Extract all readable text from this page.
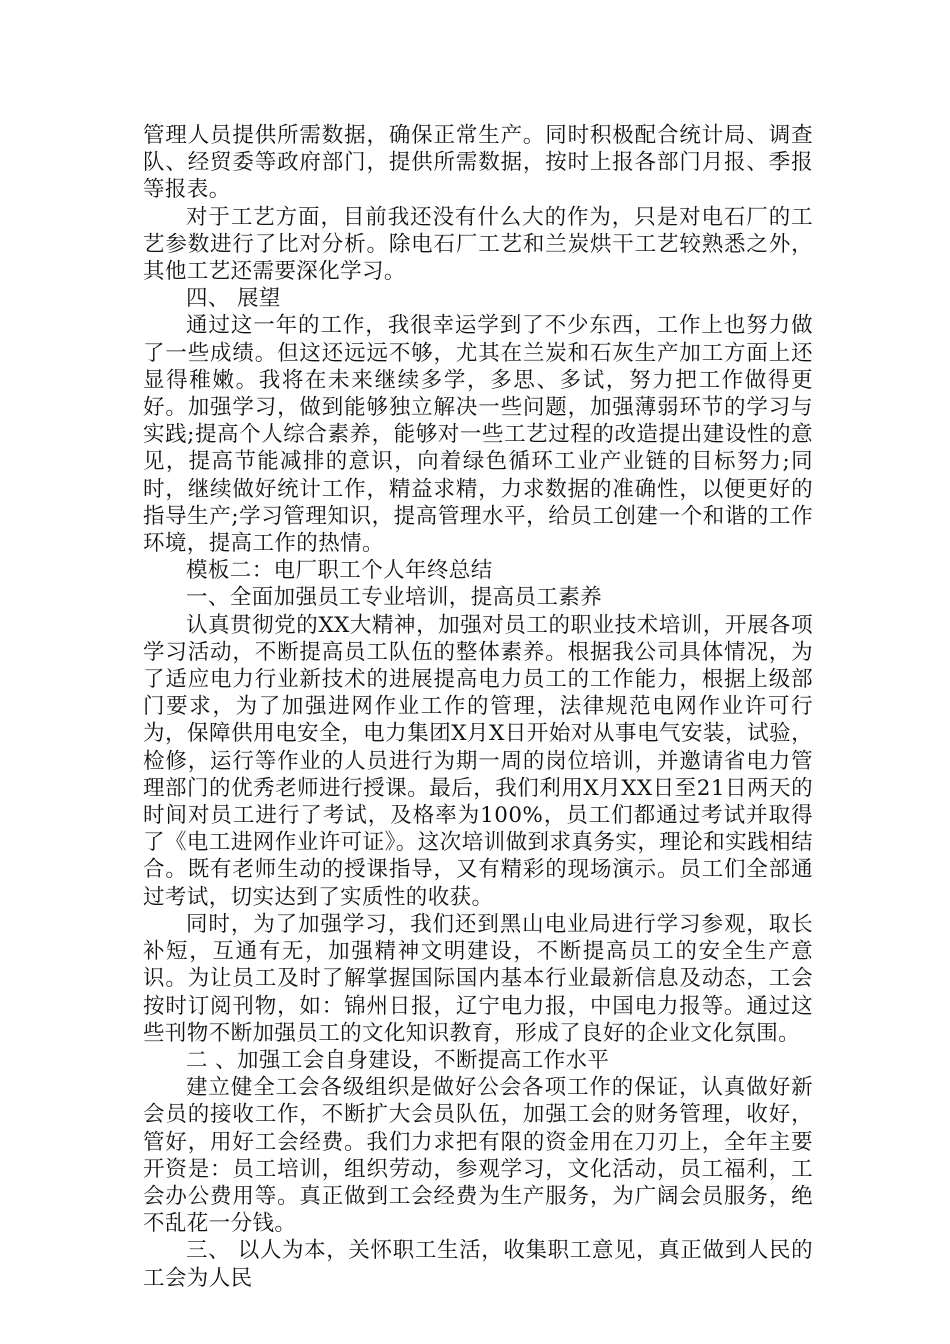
管理人员提供所需数据，确保正常生产。同时积极配合统计局、调查队、经贸委等政府部门，提供所需数据，按时上报各部门月报、季报等报表。

对于工艺方面，目前我还没有什么大的作为，只是对电石厂的工艺参数进行了比对分析。除电石厂工艺和兰炭烘干工艺较熟悉之外，其他工艺还需要深化学习。

四、 展望

通过这一年的工作，我很幸运学到了不少东西，工作上也努力做了一些成绩。但这还远远不够，尤其在兰炭和石灰生产加工方面上还显得稚嫩。我将在未来继续多学，多思、多试，努力把工作做得更好。加强学习，做到能够独立解决一些问题，加强薄弱环节的学习与实践;提高个人综合素养，能够对一些工艺过程的改造提出建设性的意见，提高节能减排的意识，向着绿色循环工业产业链的目标努力;同时，继续做好统计工作，精益求精，力求数据的准确性，以便更好的指导生产;学习管理知识，提高管理水平，给员工创建一个和谐的工作环境，提高工作的热情。

模板二：电厂职工个人年终总结

一、全面加强员工专业培训，提高员工素养

认真贯彻党的XX大精神，加强对员工的职业技术培训，开展各项学习活动，不断提高员工队伍的整体素养。根据我公司具体情况，为了适应电力行业新技术的进展提高电力员工的工作能力，根据上级部门要求，为了加强进网作业工作的管理，法律规范电网作业许可行为，保障供用电安全，电力集团X月X日开始对从事电气安装，试验，检修，运行等作业的人员进行为期一周的岗位培训，并邀请省电力管理部门的优秀老师进行授课。最后，我们利用X月XX日至21日两天的时间对员工进行了考试，及格率为100%，员工们都通过考试并取得了《电工进网作业许可证》。这次培训做到求真务实，理论和实践相结合。既有老师生动的授课指导，又有精彩的现场演示。员工们全部通过考试，切实达到了实质性的收获。

同时，为了加强学习，我们还到黑山电业局进行学习参观，取长补短，互通有无，加强精神文明建设，不断提高员工的安全生产意识。为让员工及时了解掌握国际国内基本行业最新信息及动态，工会按时订阅刊物，如：锦州日报，辽宁电力报，中国电力报等。通过这些刊物不断加强员工的文化知识教育，形成了良好的企业文化氛围。

二 、加强工会自身建设，不断提高工作水平

建立健全工会各级组织是做好公会各项工作的保证，认真做好新会员的接收工作，不断扩大会员队伍，加强工会的财务管理，收好，管好，用好工会经费。我们力求把有限的资金用在刀刃上，全年主要开资是：员工培训，组织劳动，参观学习，文化活动，员工福利，工会办公费用等。真正做到工会经费为生产服务，为广阔会员服务，绝不乱花一分钱。

三、 以人为本，关怀职工生活，收集职工意见，真正做到人民的工会为人民
